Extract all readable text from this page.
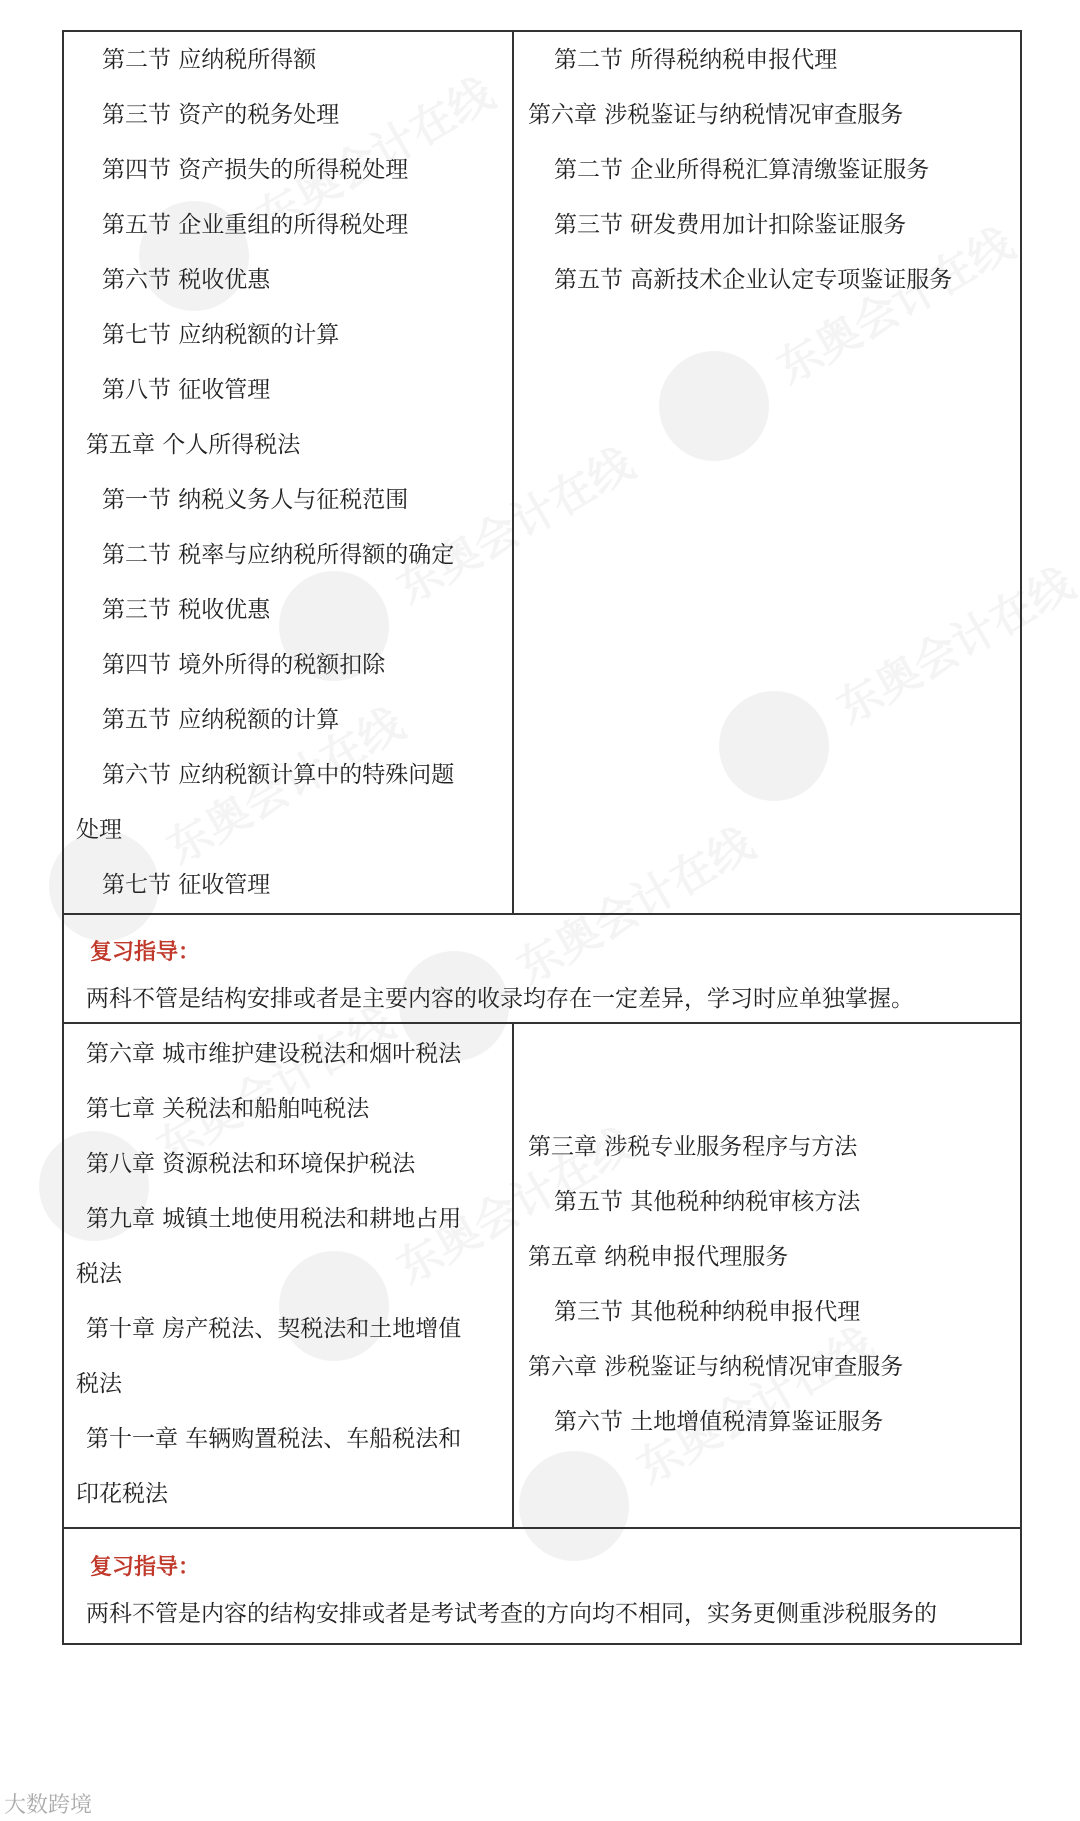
第二节 应纳税所得额
第三节 资产的税务处理
第四节 资产损失的所得税处理
第五节 企业重组的所得税处理
第六节 税收优惠
第七节 应纳税额的计算
第八节 征收管理
第五章 个人所得税法
第一节 纳税义务人与征税范围
第二节 税率与应纳税所得额的确定
第三节 税收优惠
第四节 境外所得的税额扣除
第五节 应纳税额的计算
第六节 应纳税额计算中的特殊问题
处理
第七节 征收管理
第二节 所得税纳税申报代理
第六章 涉税鉴证与纳税情况审查服务
第二节 企业所得税汇算清缴鉴证服务
第三节 研发费用加计扣除鉴证服务
第五节 高新技术企业认定专项鉴证服务
复习指导：
两科不管是结构安排或者是主要内容的收录均存在一定差异，学习时应单独掌握。
第六章 城市维护建设税法和烟叶税法
第七章 关税法和船舶吨税法
第八章 资源税法和环境保护税法
第九章 城镇土地使用税法和耕地占用
税法
第十章 房产税法、契税法和土地增值
税法
第十一章 车辆购置税法、车船税法和
印花税法
第三章 涉税专业服务程序与方法
第五节 其他税种纳税审核方法
第五章 纳税申报代理服务
第三节 其他税种纳税申报代理
第六章 涉税鉴证与纳税情况审查服务
第六节 土地增值税清算鉴证服务
复习指导：
两科不管是内容的结构安排或者是考试考查的方向均不相同，实务更侧重涉税服务的
大数跨境
